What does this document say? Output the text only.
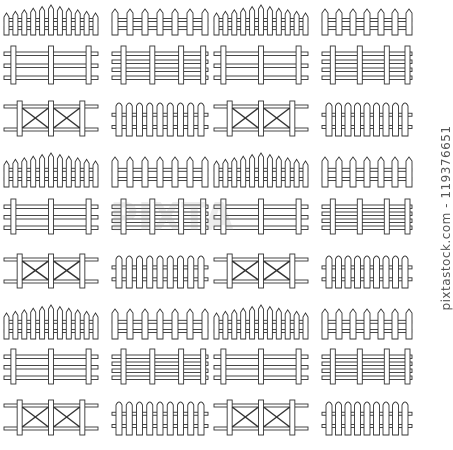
PIXTA	pixtastock.com - 119376651
